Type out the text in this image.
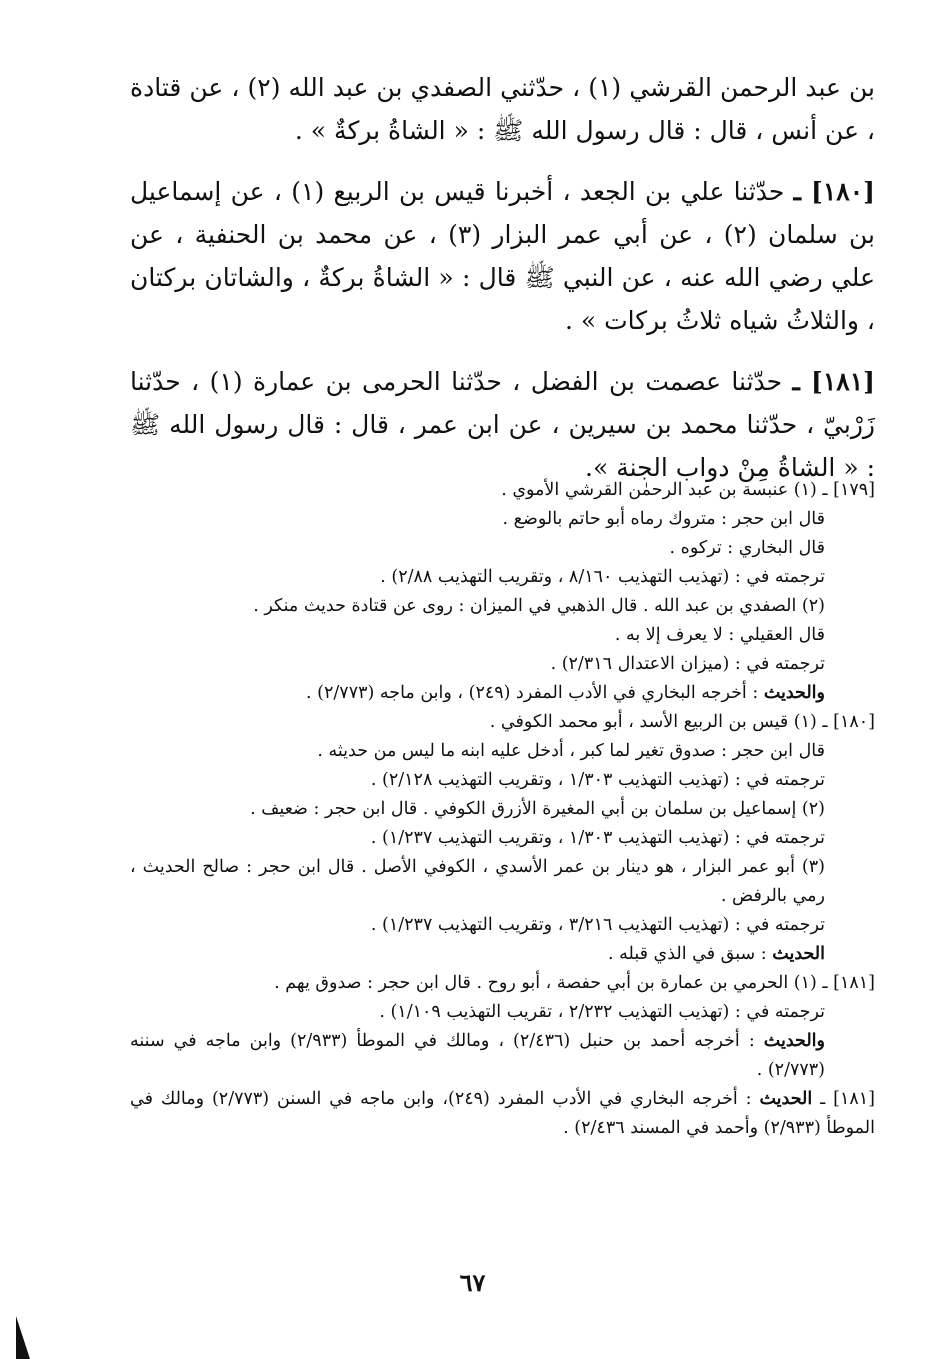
بن عبد الرحمن القرشي (١) ، حدّثني الصفدي بن عبد الله (٢) ، عن قتادة ، عن أنس ، قال : قال رسول الله ﷺ : « الشاةُ بركةٌ » .

[١٨٠] ـ حدّثنا علي بن الجعد ، أخبرنا قيس بن الربيع (١) ، عن إسماعيل بن سلمان (٢) ، عن أبي عمر البزار (٣) ، عن محمد بن الحنفية ، عن علي رضي الله عنه ، عن النبي ﷺ قال : « الشاةُ بركةٌ ، والشاتان بركتان ، والثلاثُ شياه ثلاثُ بركات » .

[١٨١] ـ حدّثنا عصمت بن الفضل ، حدّثنا الحرمى بن عمارة (١) ، حدّثنا زَرْبيّ ، حدّثنا محمد بن سيرين ، عن ابن عمر ، قال : قال رسول الله ﷺ : « الشاةُ مِنْ دواب الجنة ».

[١٧٩] ـ (١) عنبسة بن عبد الرحمٰن القرشي الأموي .
قال ابن حجر : متروك رماه أبو حاتم بالوضع .
قال البخاري : تركوه .
ترجمته في : (تهذيب التهذيب ٨/١٦٠ ، وتقريب التهذيب ٢/٨٨) .
(٢) الصفدي بن عبد الله . قال الذهبي في الميزان : روى عن قتادة حديث منكر .
قال العقيلي : لا يعرف إلا به .
ترجمته في : (ميزان الاعتدال ٢/٣١٦) .
والحديث : أخرجه البخاري في الأدب المفرد (٢٤٩) ، وابن ماجه (٢/٧٧٣) .
[١٨٠] ـ (١) قيس بن الربيع الأسد ، أبو محمد الكوفي .
قال ابن حجر : صدوق تغير لما كبر ، أدخل عليه ابنه ما ليس من حديثه .
ترجمته في : (تهذيب التهذيب ١/٣٠٣ ، وتقريب التهذيب ٢/١٢٨) .
(٢) إسماعيل بن سلمان بن أبي المغيرة الأزرق الكوفي . قال ابن حجر : ضعيف .
ترجمته في : (تهذيب التهذيب ١/٣٠٣ ، وتقريب التهذيب ١/٢٣٧) .
(٣) أبو عمر البزار ، هو دينار بن عمر الأسدي ، الكوفي الأصل . قال ابن حجر : صالح الحديث ، رمي بالرفض .
ترجمته في : (تهذيب التهذيب ٣/٢١٦ ، وتقريب التهذيب ١/٢٣٧) .
الحديث : سبق في الذي قبله .
[١٨١] ـ (١) الحرمي بن عمارة بن أبي حفصة ، أبو روح . قال ابن حجر : صدوق يهم .
ترجمته في : (تهذيب التهذيب ٢/٢٣٢ ، تقريب التهذيب ١/١٠٩) .
والحديث : أخرجه أحمد بن حنبل (٢/٤٣٦) ، ومالك في الموطأ (٢/٩٣٣) وابن ماجه في سننه (٢/٧٧٣) .
[١٨١] ـ الحديث : أخرجه البخاري في الأدب المفرد (٢٤٩)، وابن ماجه في السنن (٢/٧٧٣) ومالك في الموطأ (٢/٩٣٣) وأحمد في المسند ٢/٤٣٦) .
٦٧
